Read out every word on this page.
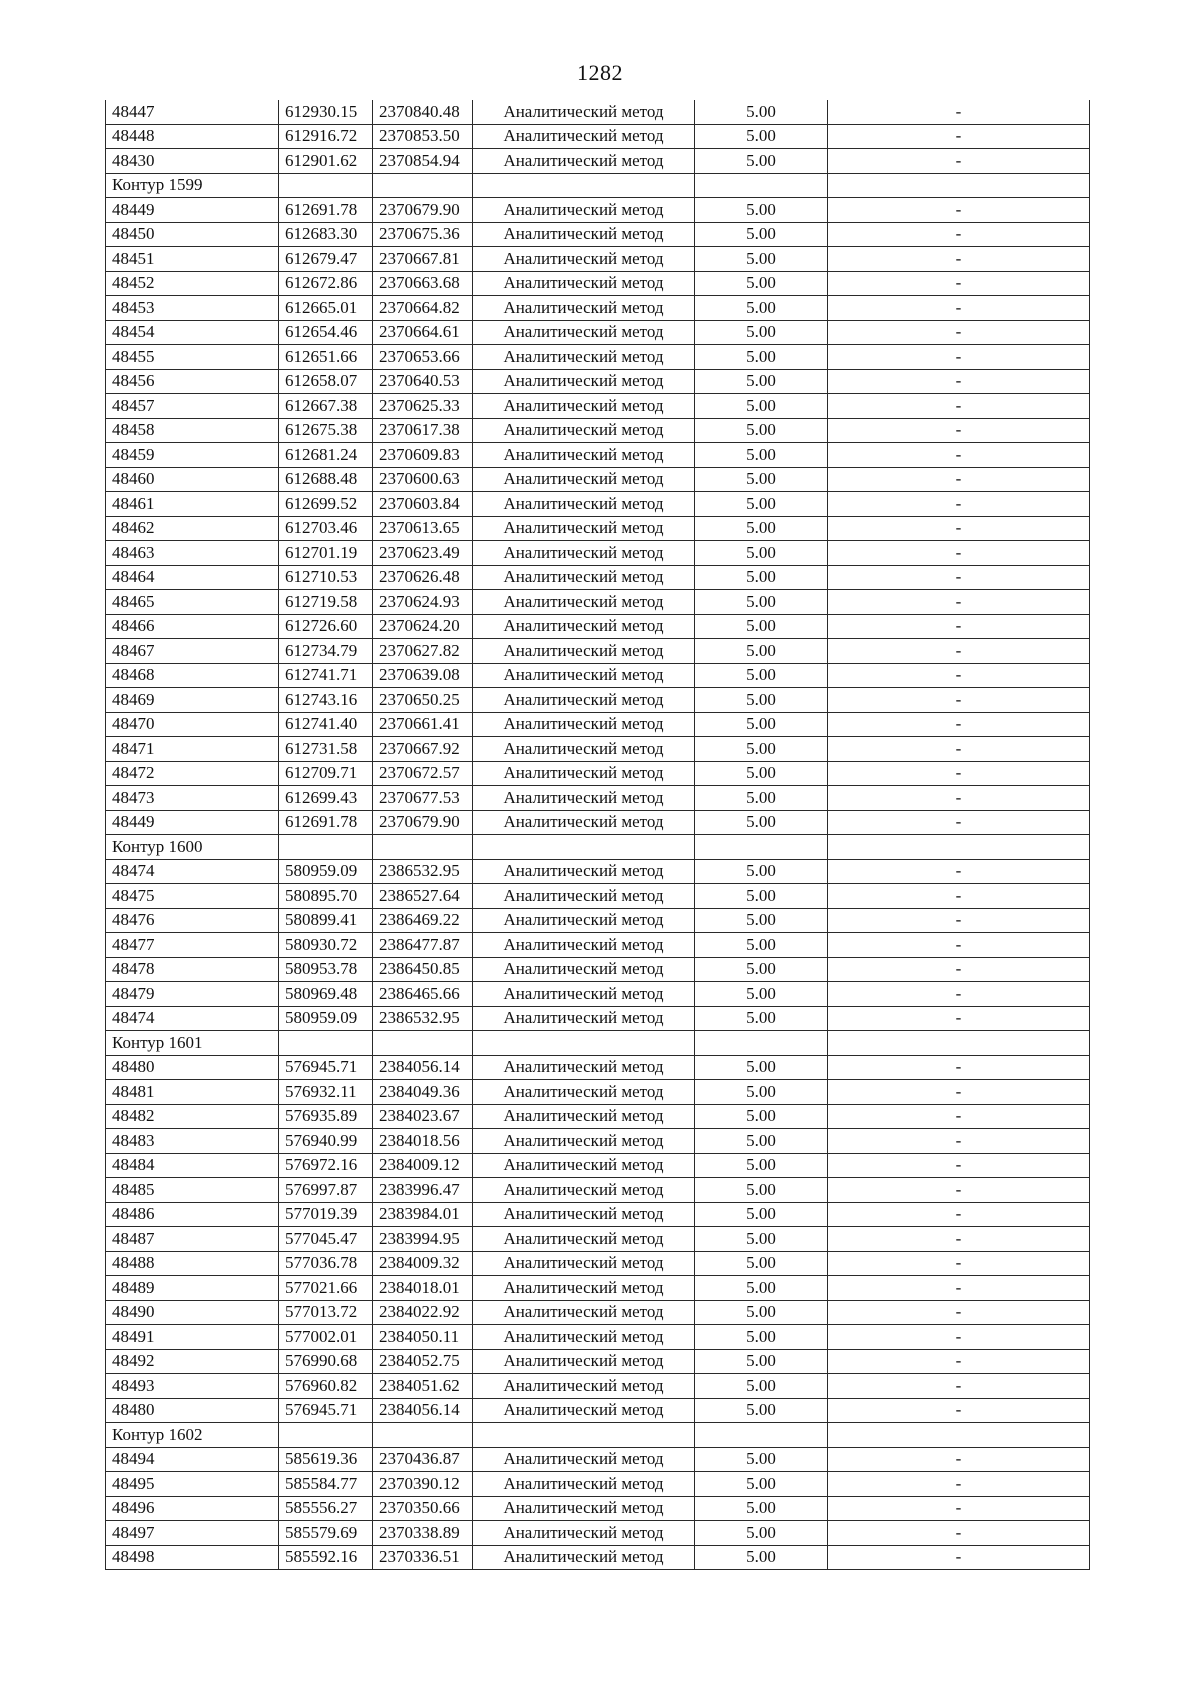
1282
48447	612930.15	2370840.48	Аналитический метод	5.00	-
48448	612916.72	2370853.50	Аналитический метод	5.00	-
48430	612901.62	2370854.94	Аналитический метод	5.00	-
Контур 1599					
48449	612691.78	2370679.90	Аналитический метод	5.00	-
48450	612683.30	2370675.36	Аналитический метод	5.00	-
48451	612679.47	2370667.81	Аналитический метод	5.00	-
48452	612672.86	2370663.68	Аналитический метод	5.00	-
48453	612665.01	2370664.82	Аналитический метод	5.00	-
48454	612654.46	2370664.61	Аналитический метод	5.00	-
48455	612651.66	2370653.66	Аналитический метод	5.00	-
48456	612658.07	2370640.53	Аналитический метод	5.00	-
48457	612667.38	2370625.33	Аналитический метод	5.00	-
48458	612675.38	2370617.38	Аналитический метод	5.00	-
48459	612681.24	2370609.83	Аналитический метод	5.00	-
48460	612688.48	2370600.63	Аналитический метод	5.00	-
48461	612699.52	2370603.84	Аналитический метод	5.00	-
48462	612703.46	2370613.65	Аналитический метод	5.00	-
48463	612701.19	2370623.49	Аналитический метод	5.00	-
48464	612710.53	2370626.48	Аналитический метод	5.00	-
48465	612719.58	2370624.93	Аналитический метод	5.00	-
48466	612726.60	2370624.20	Аналитический метод	5.00	-
48467	612734.79	2370627.82	Аналитический метод	5.00	-
48468	612741.71	2370639.08	Аналитический метод	5.00	-
48469	612743.16	2370650.25	Аналитический метод	5.00	-
48470	612741.40	2370661.41	Аналитический метод	5.00	-
48471	612731.58	2370667.92	Аналитический метод	5.00	-
48472	612709.71	2370672.57	Аналитический метод	5.00	-
48473	612699.43	2370677.53	Аналитический метод	5.00	-
48449	612691.78	2370679.90	Аналитический метод	5.00	-
Контур 1600					
48474	580959.09	2386532.95	Аналитический метод	5.00	-
48475	580895.70	2386527.64	Аналитический метод	5.00	-
48476	580899.41	2386469.22	Аналитический метод	5.00	-
48477	580930.72	2386477.87	Аналитический метод	5.00	-
48478	580953.78	2386450.85	Аналитический метод	5.00	-
48479	580969.48	2386465.66	Аналитический метод	5.00	-
48474	580959.09	2386532.95	Аналитический метод	5.00	-
Контур 1601					
48480	576945.71	2384056.14	Аналитический метод	5.00	-
48481	576932.11	2384049.36	Аналитический метод	5.00	-
48482	576935.89	2384023.67	Аналитический метод	5.00	-
48483	576940.99	2384018.56	Аналитический метод	5.00	-
48484	576972.16	2384009.12	Аналитический метод	5.00	-
48485	576997.87	2383996.47	Аналитический метод	5.00	-
48486	577019.39	2383984.01	Аналитический метод	5.00	-
48487	577045.47	2383994.95	Аналитический метод	5.00	-
48488	577036.78	2384009.32	Аналитический метод	5.00	-
48489	577021.66	2384018.01	Аналитический метод	5.00	-
48490	577013.72	2384022.92	Аналитический метод	5.00	-
48491	577002.01	2384050.11	Аналитический метод	5.00	-
48492	576990.68	2384052.75	Аналитический метод	5.00	-
48493	576960.82	2384051.62	Аналитический метод	5.00	-
48480	576945.71	2384056.14	Аналитический метод	5.00	-
Контур 1602					
48494	585619.36	2370436.87	Аналитический метод	5.00	-
48495	585584.77	2370390.12	Аналитический метод	5.00	-
48496	585556.27	2370350.66	Аналитический метод	5.00	-
48497	585579.69	2370338.89	Аналитический метод	5.00	-
48498	585592.16	2370336.51	Аналитический метод	5.00	-
